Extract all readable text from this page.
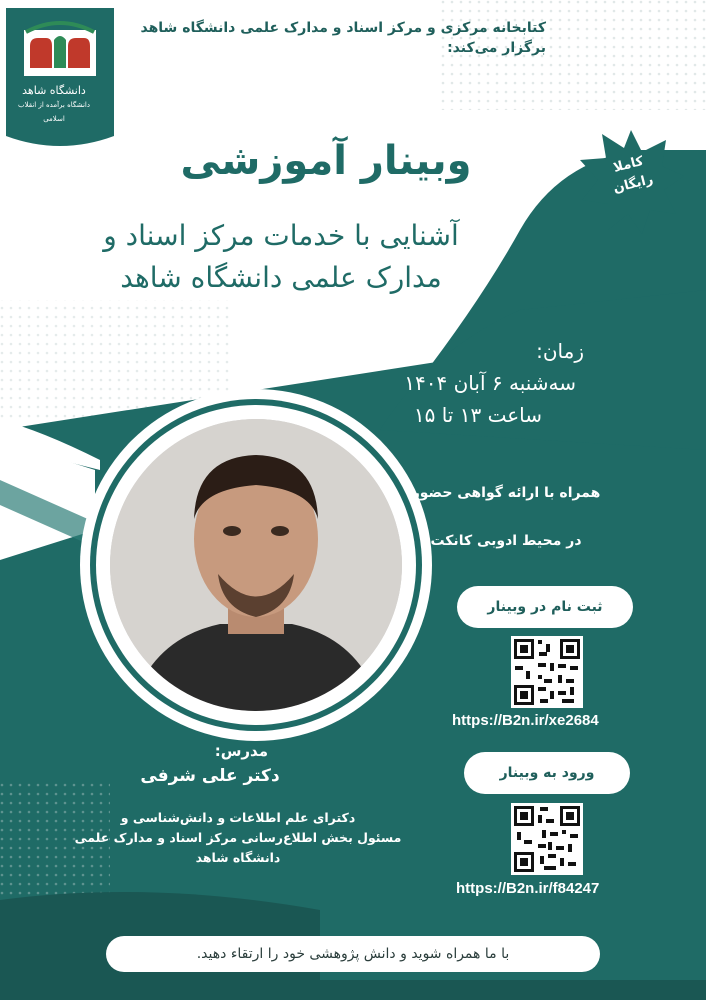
دانشگاه شاهد
دانشگاه برآمده از انقلاب اسلامی
کتابخانه مرکزی و مرکز اسناد و مدارک علمی دانشگاه شاهد
برگزار می‌کند:
کاملا
رایگان
وبینار آموزشی
آشنایی با خدمات مرکز اسناد و
مدارک علمی دانشگاه شاهد
زمان:
سه‌شنبه ۶ آبان ۱۴۰۴
ساعت ۱۳ تا ۱۵
همراه با ارائه گواهی حضور
در محیط ادوبی کانکت
ثبت نام در وبینار
https://B2n.ir/xe2684
ورود به وبینار
https://B2n.ir/f84247
مدرس:
دکتر علی شرفی
دکترای علم اطلاعات و دانش‌شناسی و
مسئول بخش اطلاع‌رسانی مرکز اسناد و مدارک علمی
دانشگاه شاهد
با ما همراه شوید و دانش پژوهشی خود را ارتقاء دهید.
